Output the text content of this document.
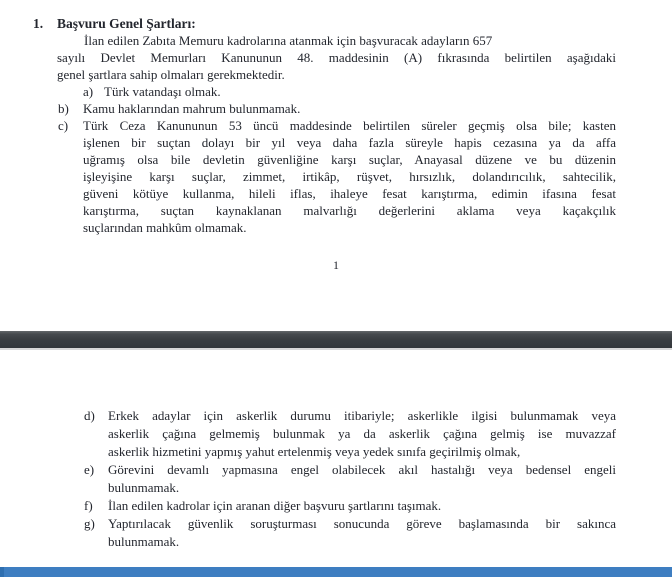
1. Başvuru Genel Şartları:
İlan edilen Zabıta Memuru kadrolarına atanmak için başvuracak adayların 657
sayılı Devlet Memurları Kanununun 48. maddesinin (A) fıkrasında belirtilen aşağıdaki
genel şartlara sahip olmaları gerekmektedir.
a) Türk vatandaşı olmak.
b) Kamu haklarından mahrum bulunmamak.
c) Türk Ceza Kanununun 53 üncü maddesinde belirtilen süreler geçmiş olsa bile; kasten
işlenen bir suçtan dolayı bir yıl veya daha fazla süreyle hapis cezasına ya da affa
uğramış olsa bile devletin güvenliğine karşı suçlar, Anayasal düzene ve bu düzenin
işleyişine karşı suçlar, zimmet, irtikâp, rüşvet, hırsızlık, dolandırıcılık, sahtecilik,
güveni kötüye kullanma, hileli iflas, ihaleye fesat karıştırma, edimin ifasına fesat
karıştırma, suçtan kaynaklanan malvarlığı değerlerini aklama veya kaçakçılık
suçlarından mahkûm olmamak.
1
d) Erkek adaylar için askerlik durumu itibariyle; askerlikle ilgisi bulunmamak veya
askerlik çağına gelmemiş bulunmak ya da askerlik çağına gelmiş ise muvazzaf
askerlik hizmetini yapmış yahut ertelenmiş veya yedek sınıfa geçirilmiş olmak,
e) Görevini devamlı yapmasına engel olabilecek akıl hastalığı veya bedensel engeli
bulunmamak.
f) İlan edilen kadrolar için aranan diğer başvuru şartlarını taşımak.
g) Yaptırılacak güvenlik soruşturması sonucunda göreve başlamasında bir sakınca
bulunmamak.
